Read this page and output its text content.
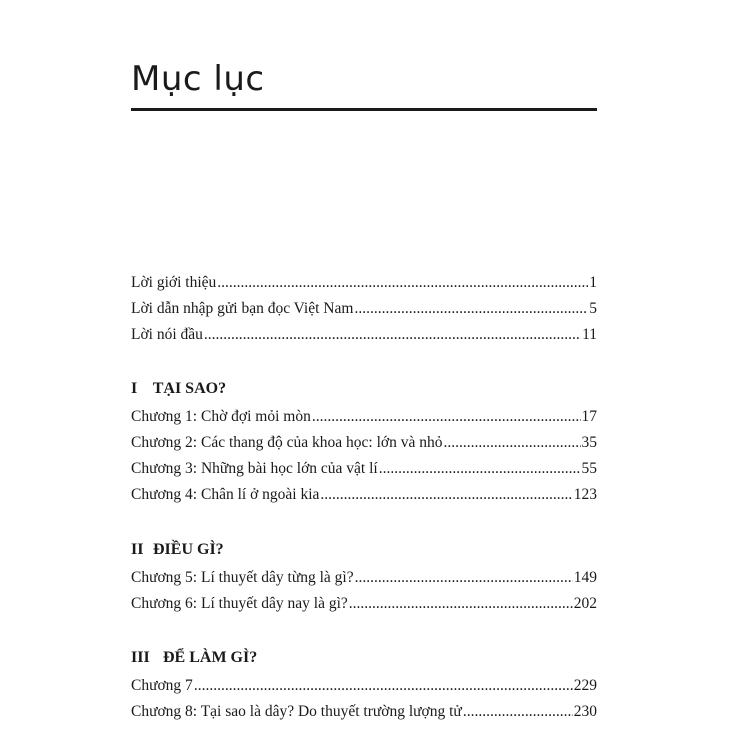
Mục lục
Lời giới thiệu .....	1
Lời dẫn nhập gửi bạn đọc Việt Nam .....	5
Lời nói đầu .....	11
I TẠI SAO?
Chương 1: Chờ đợi mỏi mòn .....	17
Chương 2: Các thang độ của khoa học: lớn và nhỏ .....	35
Chương 3: Những bài học lớn của vật lí .....	55
Chương 4: Chân lí ở ngoài kia .....	123
II ĐIỀU GÌ?
Chương 5: Lí thuyết dây từng là gì? .....	149
Chương 6: Lí thuyết dây nay là gì? .....	202
III ĐỂ LÀM GÌ?
Chương 7 .....	229
Chương 8: Tại sao là dây? Do thuyết trường lượng tử .....	230
